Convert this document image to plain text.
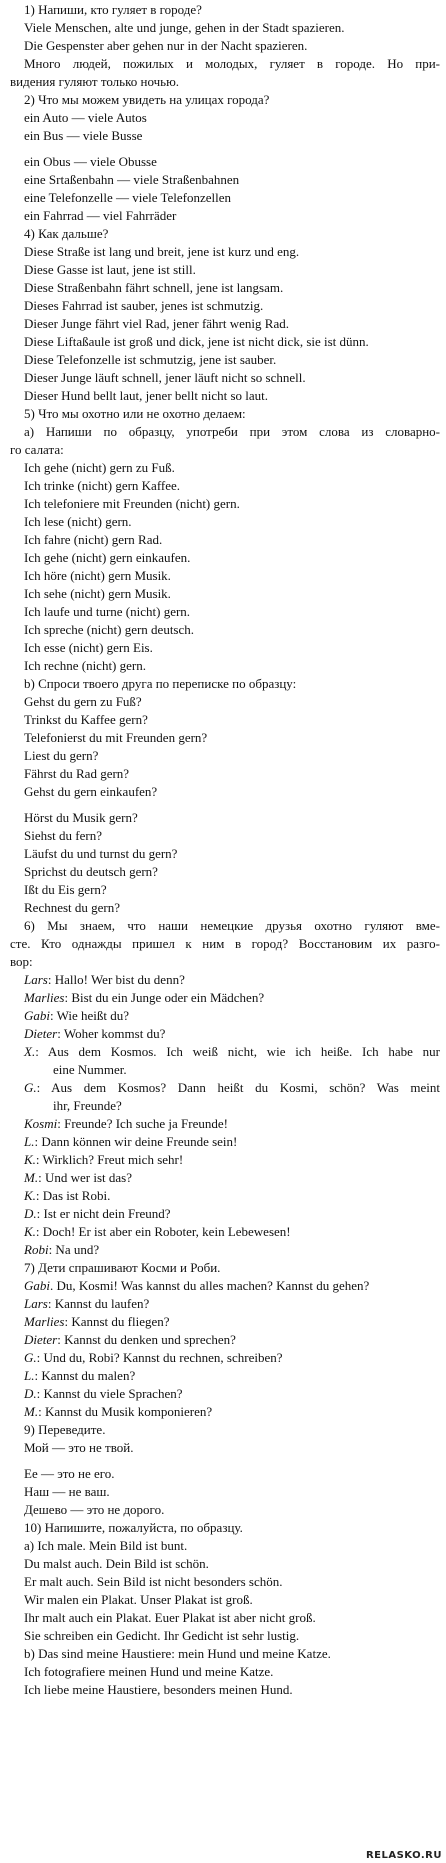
1) Напиши, кто гуляет в городе?
Viele Menschen, alte und junge, gehen in der Stadt spazieren.
Die Gespenster aber gehen nur in der Nacht spazieren.
Много людей, пожилых и молодых, гуляет в городе. Но при-
видения гуляют только ночью.
2) Что мы можем увидеть на улицах города?
ein Auto — viele Autos
ein Bus — viele Busse
ein Obus — viele Obusse
eine Srtaßenbahn — viele Straßenbahnen
eine Telefonzelle — viele Telefonzellen
ein Fahrrad — viel Fahrräder
4) Как дальше?
Diese Straße ist lang und breit, jene ist kurz und eng.
Diese Gasse ist laut, jene ist still.
Diese Straßenbahn fährt schnell, jene ist langsam.
Dieses Fahrrad ist sauber, jenes ist schmutzig.
Dieser Junge fährt viel Rad, jener fährt wenig Rad.
Diese Liftaßaule ist groß und dick, jene ist nicht dick, sie ist dünn.
Diese Telefonzelle ist schmutzig, jene ist sauber.
Dieser Junge läuft schnell, jener läuft nicht so schnell.
Dieser Hund bellt laut, jener bellt nicht so laut.
5) Что мы охотно или не охотно делаем:
а) Напиши по образцу, употреби при этом слова из словарно-
го салата:
Ich gehe (nicht) gern zu Fuß.
Ich trinke (nicht) gern Kaffee.
Ich telefoniere mit Freunden (nicht) gern.
Ich lese (nicht) gern.
Ich fahre (nicht) gern Rad.
Ich gehe (nicht) gern einkaufen.
Ich höre (nicht) gern Musik.
Ich sehe (nicht) gern Musik.
Ich laufe und turne (nicht) gern.
Ich spreche (nicht) gern deutsch.
Ich esse (nicht) gern Eis.
Ich rechne (nicht) gern.
b) Спроси твоего друга по переписке по образцу:
Gehst du gern zu Fuß?
Trinkst du Kaffee gern?
Telefonierst du mit Freunden gern?
Liest du gern?
Fährst du Rad gern?
Gehst du gern einkaufen?
Hörst du Musik gern?
Siehst du fern?
Läufst du und turnst du gern?
Sprichst du deutsch gern?
Ißt du Eis gern?
Rechnest du gern?
6) Мы знаем, что наши немецкие друзья охотно гуляют вме-
сте. Кто однажды пришел к ним в город? Восстановим их разго-
вор:
Lars: Hallo! Wer bist du denn?
Marlies: Bist du ein Junge oder ein Mädchen?
Gabi: Wie heißt du?
Dieter: Woher kommst du?
X.: Aus dem Kosmos. Ich weiß nicht, wie ich heiße. Ich habe nur
eine Nummer.
G.: Aus dem Kosmos? Dann heißt du Kosmi, schön? Was meint
ihr, Freunde?
Kosmi: Freunde? Ich suche ja Freunde!
L.: Dann können wir deine Freunde sein!
K.: Wirklich? Freut mich sehr!
M.: Und wer ist das?
K.: Das ist Robi.
D.: Ist er nicht dein Freund?
K.: Doch! Er ist aber ein Roboter, kein Lebewesen!
Robi: Na und?
7) Дети спрашивают Косми и Роби.
Gabi. Du, Kosmi! Was kannst du alles machen? Kannst du gehen?
Lars: Kannst du laufen?
Marlies: Kannst du fliegen?
Dieter: Kannst du denken und sprechen?
G.: Und du, Robi? Kannst du rechnen, schreiben?
L.: Kannst du malen?
D.: Kannst du viele Sprachen?
M.: Kannst du Musik komponieren?
9) Переведите.
Мой — это не твой.
Ее — это не его.
Наш — не ваш.
Дешево — это не дорого.
10) Напишите, пожалуйста, по образцу.
a) Ich male. Mein Bild ist bunt.
Du malst auch. Dein Bild ist schön.
Er malt auch. Sein Bild ist nicht besonders schön.
Wir malen ein Plakat. Unser Plakat ist groß.
Ihr malt auch ein Plakat. Euer Plakat ist aber nicht groß.
Sie schreiben ein Gedicht. Ihr Gedicht ist sehr lustig.
b) Das sind meine Haustiere: mein Hund und meine Katze.
Ich fotografiere meinen Hund und meine Katze.
Ich liebe meine Haustiere, besonders meinen Hund.
RELASKO.RU
